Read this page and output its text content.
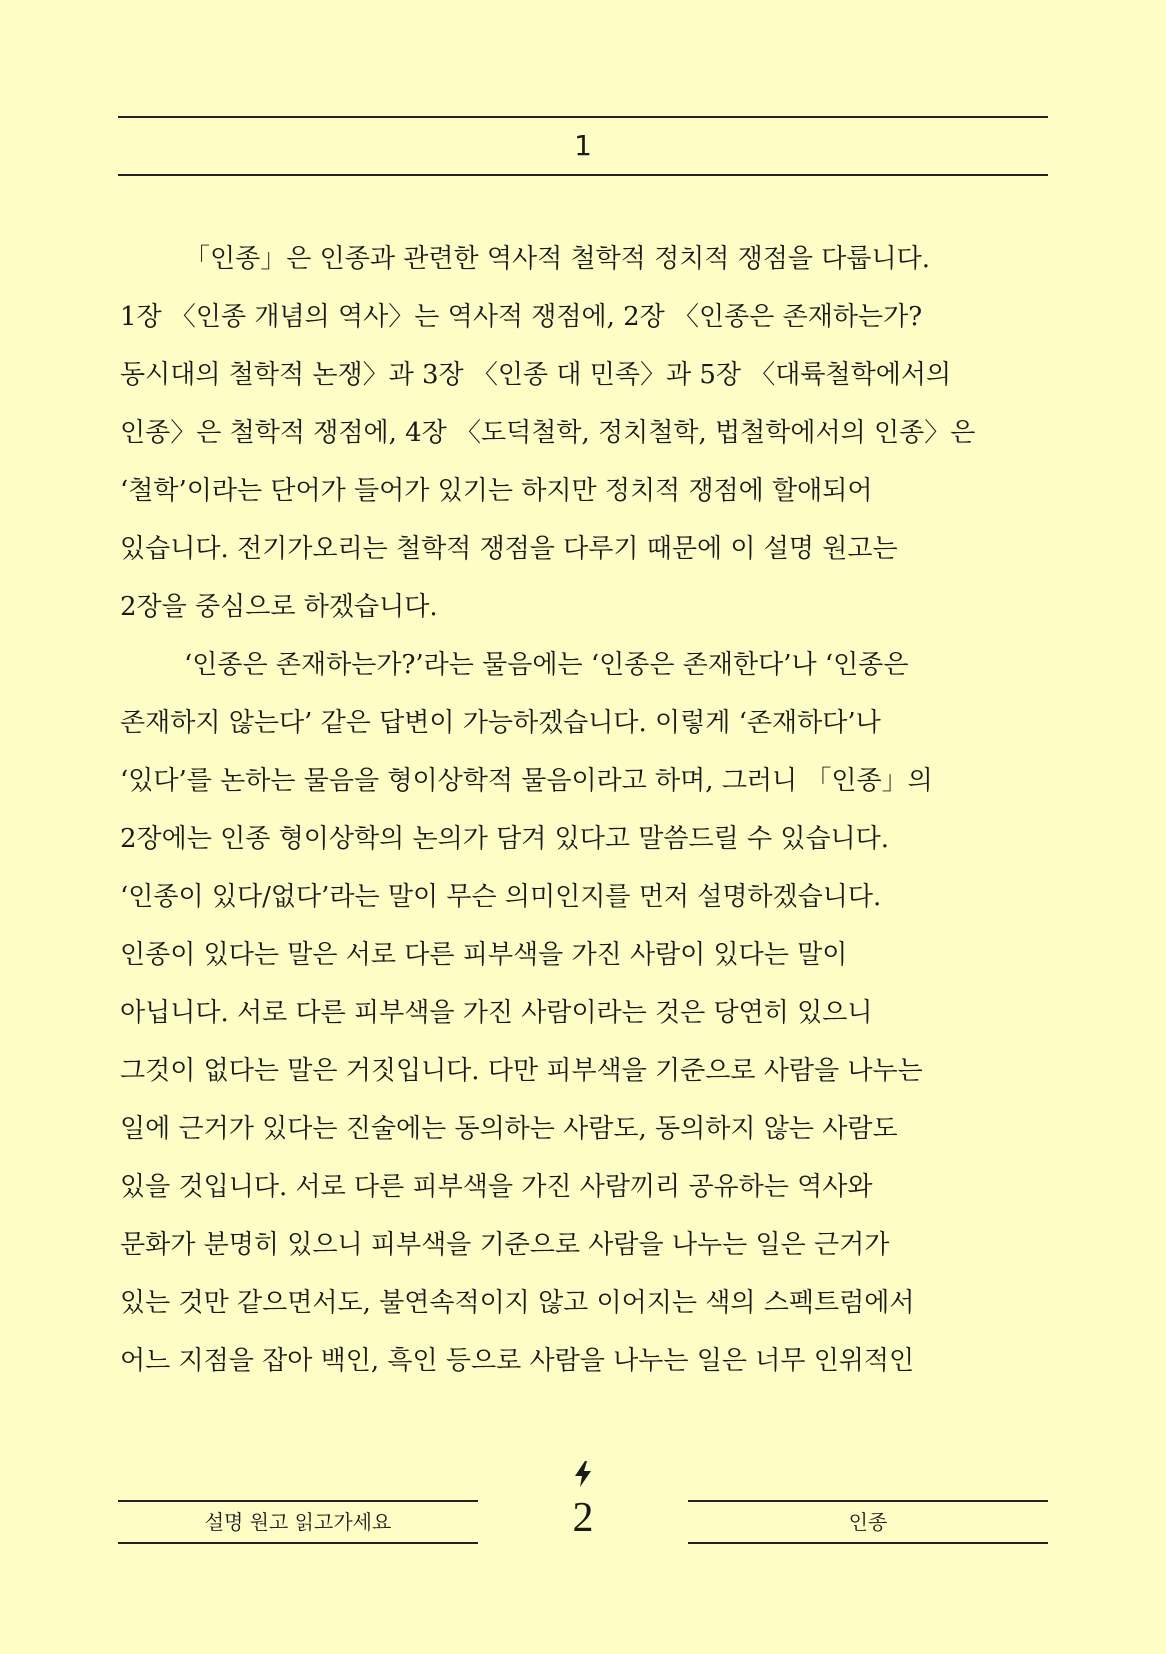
1
「인종」은 인종과 관련한 역사적 철학적 정치적 쟁점을 다룹니다.
1장 〈인종 개념의 역사〉는 역사적 쟁점에, 2장 〈인종은 존재하는가?
동시대의 철학적 논쟁〉과 3장 〈인종 대 민족〉과 5장 〈대륙철학에서의
인종〉은 철학적 쟁점에, 4장 〈도덕철학, 정치철학, 법철학에서의 인종〉은
‘철학’이라는 단어가 들어가 있기는 하지만 정치적 쟁점에 할애되어
있습니다. 전기가오리는 철학적 쟁점을 다루기 때문에 이 설명 원고는
2장을 중심으로 하겠습니다.
‘인종은 존재하는가?’라는 물음에는 ‘인종은 존재한다’나 ‘인종은
존재하지 않는다’ 같은 답변이 가능하겠습니다. 이렇게 ‘존재하다’나
‘있다’를 논하는 물음을 형이상학적 물음이라고 하며, 그러니 「인종」의
2장에는 인종 형이상학의 논의가 담겨 있다고 말씀드릴 수 있습니다.
‘인종이 있다/없다’라는 말이 무슨 의미인지를 먼저 설명하겠습니다.
인종이 있다는 말은 서로 다른 피부색을 가진 사람이 있다는 말이
아닙니다. 서로 다른 피부색을 가진 사람이라는 것은 당연히 있으니
그것이 없다는 말은 거짓입니다. 다만 피부색을 기준으로 사람을 나누는
일에 근거가 있다는 진술에는 동의하는 사람도, 동의하지 않는 사람도
있을 것입니다. 서로 다른 피부색을 가진 사람끼리 공유하는 역사와
문화가 분명히 있으니 피부색을 기준으로 사람을 나누는 일은 근거가
있는 것만 같으면서도, 불연속적이지 않고 이어지는 색의 스펙트럼에서
어느 지점을 잡아 백인, 흑인 등으로 사람을 나누는 일은 너무 인위적인
설명 원고 읽고가세요	2	인종
